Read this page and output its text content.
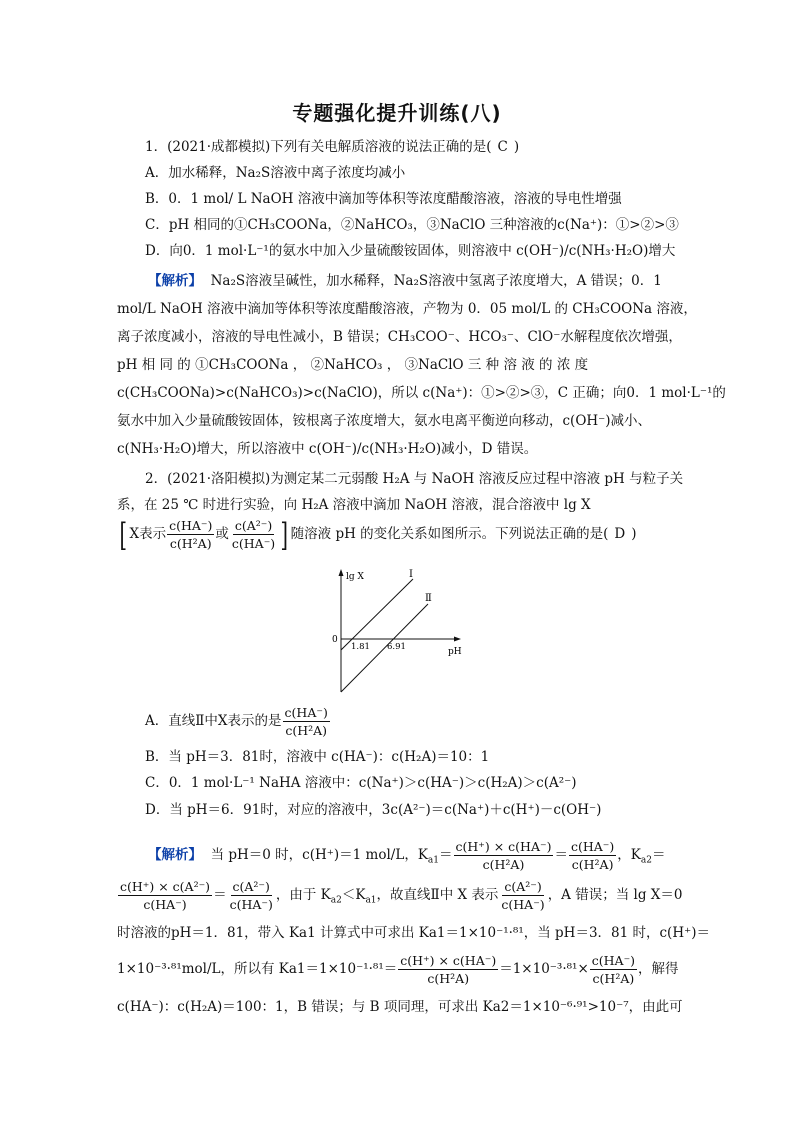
专题强化提升训练(八)
1．(2021·成都模拟)下列有关电解质溶液的说法正确的是( C )
A．加水稀释，Na₂S溶液中离子浓度均减小
B．0．1 mol/ L NaOH 溶液中滴加等体积等浓度醋酸溶液，溶液的导电性增强
C．pH 相同的①CH₃COONa，②NaHCO₃，③NaClO 三种溶液的c(Na⁺)：①>②>③
D．向0．1 mol·L⁻¹的氨水中加入少量硫酸铵固体，则溶液中 c(OH⁻)/c(NH₃·H₂O)增大
【解析】 Na₂S溶液呈碱性，加水稀释，Na₂S溶液中氢离子浓度增大，A 错误；0．1
mol/L NaOH 溶液中滴加等体积等浓度醋酸溶液，产物为 0．05 mol/L 的 CH₃COONa 溶液，
离子浓度减小，溶液的导电性减小，B 错误；CH₃COO⁻、HCO₃⁻、ClO⁻水解程度依次增强，
pH 相 同 的 ①CH₃COONa ， ②NaHCO₃ ， ③NaClO 三 种 溶 液 的 浓 度
c(CH₃COONa)>c(NaHCO₃)>c(NaClO)，所以 c(Na⁺)：①>②>③，C 正确；向0．1 mol·L⁻¹的
氨水中加入少量硫酸铵固体，铵根离子浓度增大，氨水电离平衡逆向移动，c(OH⁻)减小、
c(NH₃·H₂O)增大，所以溶液中 c(OH⁻)/c(NH₃·H₂O)减小，D 错误。
2．(2021·洛阳模拟)为测定某二元弱酸 H₂A 与 NaOH 溶液反应过程中溶液 pH 与粒子关
系，在 25 ℃ 时进行实验，向 H₂A 溶液中滴加 NaOH 溶液，混合溶液中 lg X
[ X表示 $\frac{c(HA^-)}{\text{c(H²A)}}$ 或 $\frac{\text{c(A²⁻)}}{c(HA^-)}$ ] 随溶液 pH 的变化关系如图所示。下列说法正确的是( D )
lg X
pH
0
I
Ⅱ
1.81 6.91
A．直线Ⅱ中X表示的是 $\frac{c(HA^-)}{\text{c(H²A)}}$
B．当 pH＝3．81时，溶液中 c(HA⁻)：c(H₂A)＝10：1
C．0．1 mol·L⁻¹ NaHA 溶液中：c(Na⁺)＞c(HA⁻)＞c(H₂A)＞c(A²⁻)
D．当 pH＝6．91时，对应的溶液中，3c(A²⁻)＝c(Na⁺)＋c(H⁺)－c(OH⁻)
【解析】 当 pH＝0 时，c(H⁺)＝1 mol/L，$K_{a1}= \frac{c(H^+) \times c(HA^-)}{\text{c(H²A)}} = \frac{c(HA^-)}{\text{c(H²A)}}$ ，$K_{a2}=$
$\frac{\text{c(H⁺) × c(A²⁻)}}{c(HA^-)} = \frac{\text{c(A²⁻)}}{c(HA^-)}$ ，由于 $K_{a2}<K_{a1}$，故直线Ⅱ中 X 表示 $\frac{\text{c(A²⁻)}}{c(HA^-)}$ ，A 错误；当 lg X＝0
时溶液的pH＝1．81，带入 Ka1 计算式中可求出 Ka1＝1×10⁻¹·⁸¹，当 pH＝3．81 时，c(H⁺)＝
1×10⁻³·⁸¹mol/L，所以有 $Ka1=1\times 10^{-1}\cdot^{81}= \frac{c(H^+) \times c(HA^-)}{\text{c(H²A)}} =1\times 10^{-3}\cdot^{81}\times \frac{c(HA^-)}{\text{c(H²A)}}$ ，解得
c(HA⁻)：c(H₂A)＝100：1，B 错误；与 B 项同理，可求出 Ka2＝1×10⁻⁶·⁹¹>10⁻⁷，由此可
